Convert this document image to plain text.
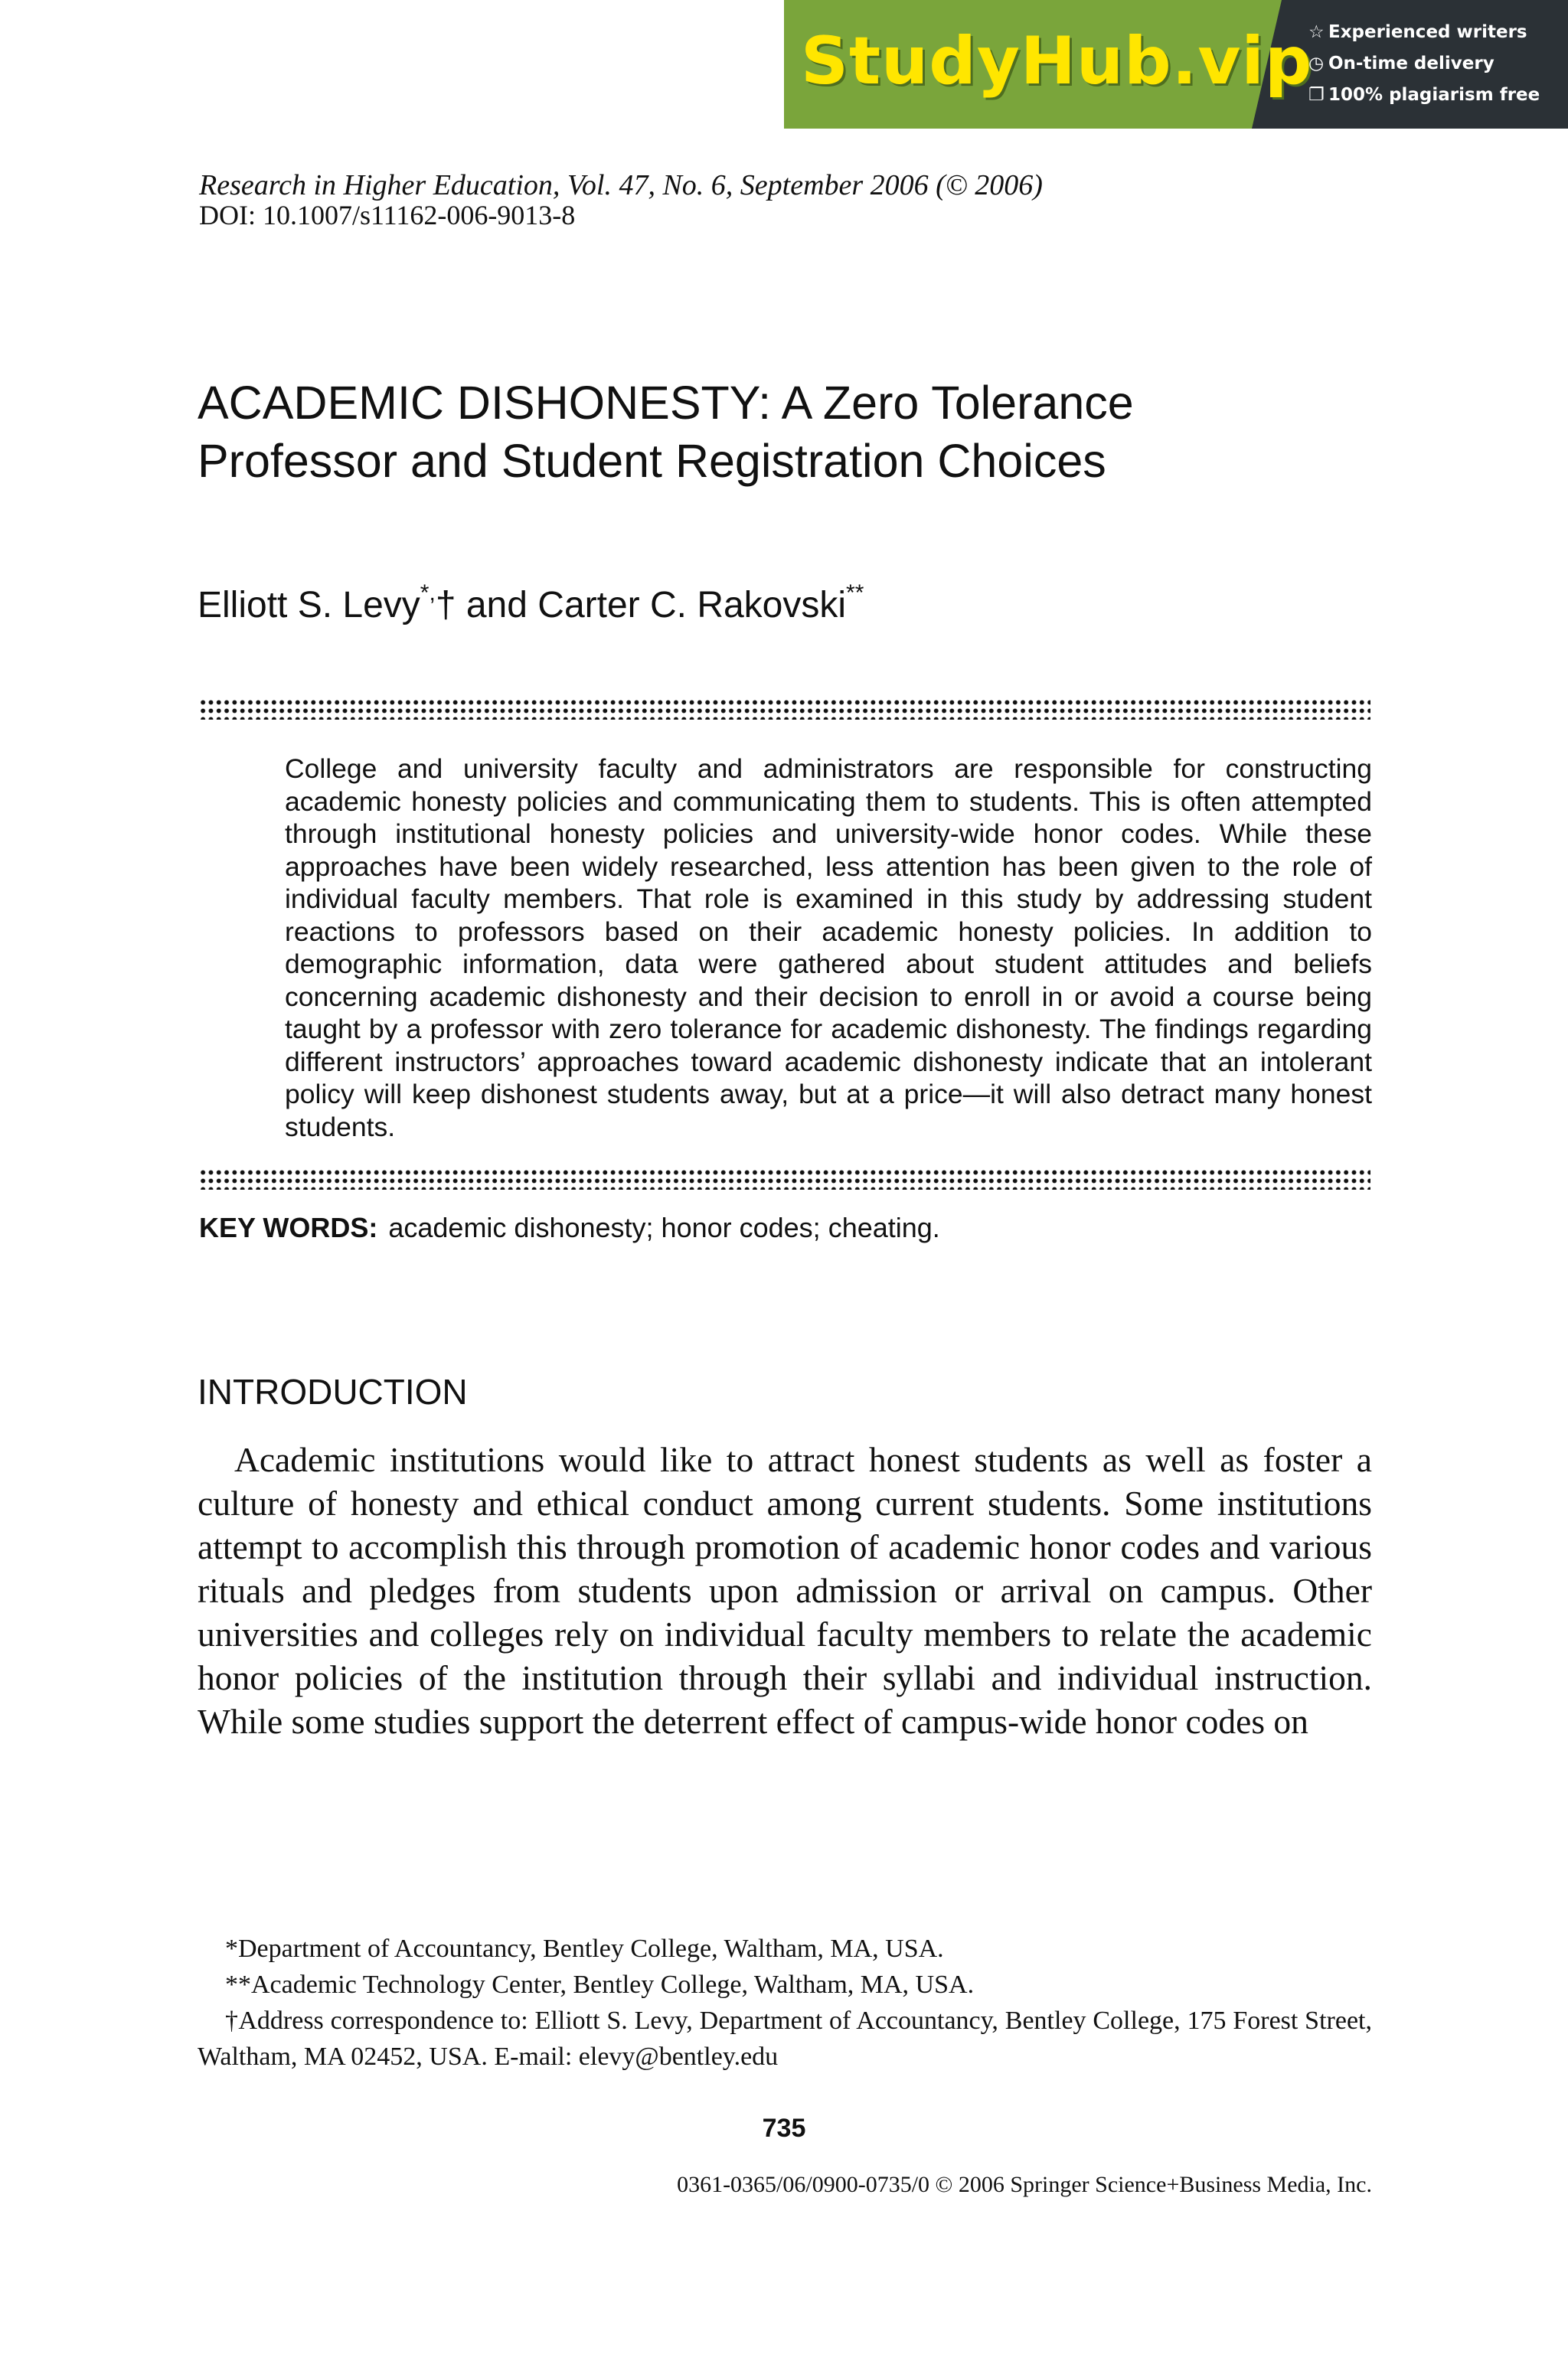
StudyHub.vip
☆ Experienced writers
◷ On-time delivery
❐ 100% plagiarism free
Research in Higher Education, Vol. 47, No. 6, September 2006 (© 2006)
DOI: 10.1007/s11162-006-9013-8
ACADEMIC DISHONESTY: A Zero Tolerance
Professor and Student Registration Choices
Elliott S. Levy*,† and Carter C. Rakovski**
College and university faculty and administrators are responsible for constructing academic honesty policies and communicating them to students. This is often attempted through institutional honesty policies and university-wide honor codes. While these approaches have been widely researched, less attention has been given to the role of individual faculty members. That role is examined in this study by addressing student reactions to professors based on their academic honesty policies. In addition to demographic information, data were gathered about student attitudes and beliefs concerning academic dishonesty and their decision to enroll in or avoid a course being taught by a professor with zero tolerance for academic dishonesty. The findings regarding different instructors’ approaches toward academic dishonesty indicate that an intolerant policy will keep dishonest students away, but at a price—it will also detract many honest students.
KEY WORDS: academic dishonesty; honor codes; cheating.
INTRODUCTION
Academic institutions would like to attract honest students as well as foster a culture of honesty and ethical conduct among current students. Some institutions attempt to accomplish this through promotion of academic honor codes and various rituals and pledges from students upon admission or arrival on campus. Other universities and colleges rely on individual faculty members to relate the academic honor policies of the institution through their syllabi and individual instruction. While some studies support the deterrent effect of campus-wide honor codes on
*Department of Accountancy, Bentley College, Waltham, MA, USA.
**Academic Technology Center, Bentley College, Waltham, MA, USA.
†Address correspondence to: Elliott S. Levy, Department of Accountancy, Bentley College, 175 Forest Street, Waltham, MA 02452, USA. E-mail: elevy@bentley.edu
735
0361-0365/06/0900-0735/0 © 2006 Springer Science+Business Media, Inc.
